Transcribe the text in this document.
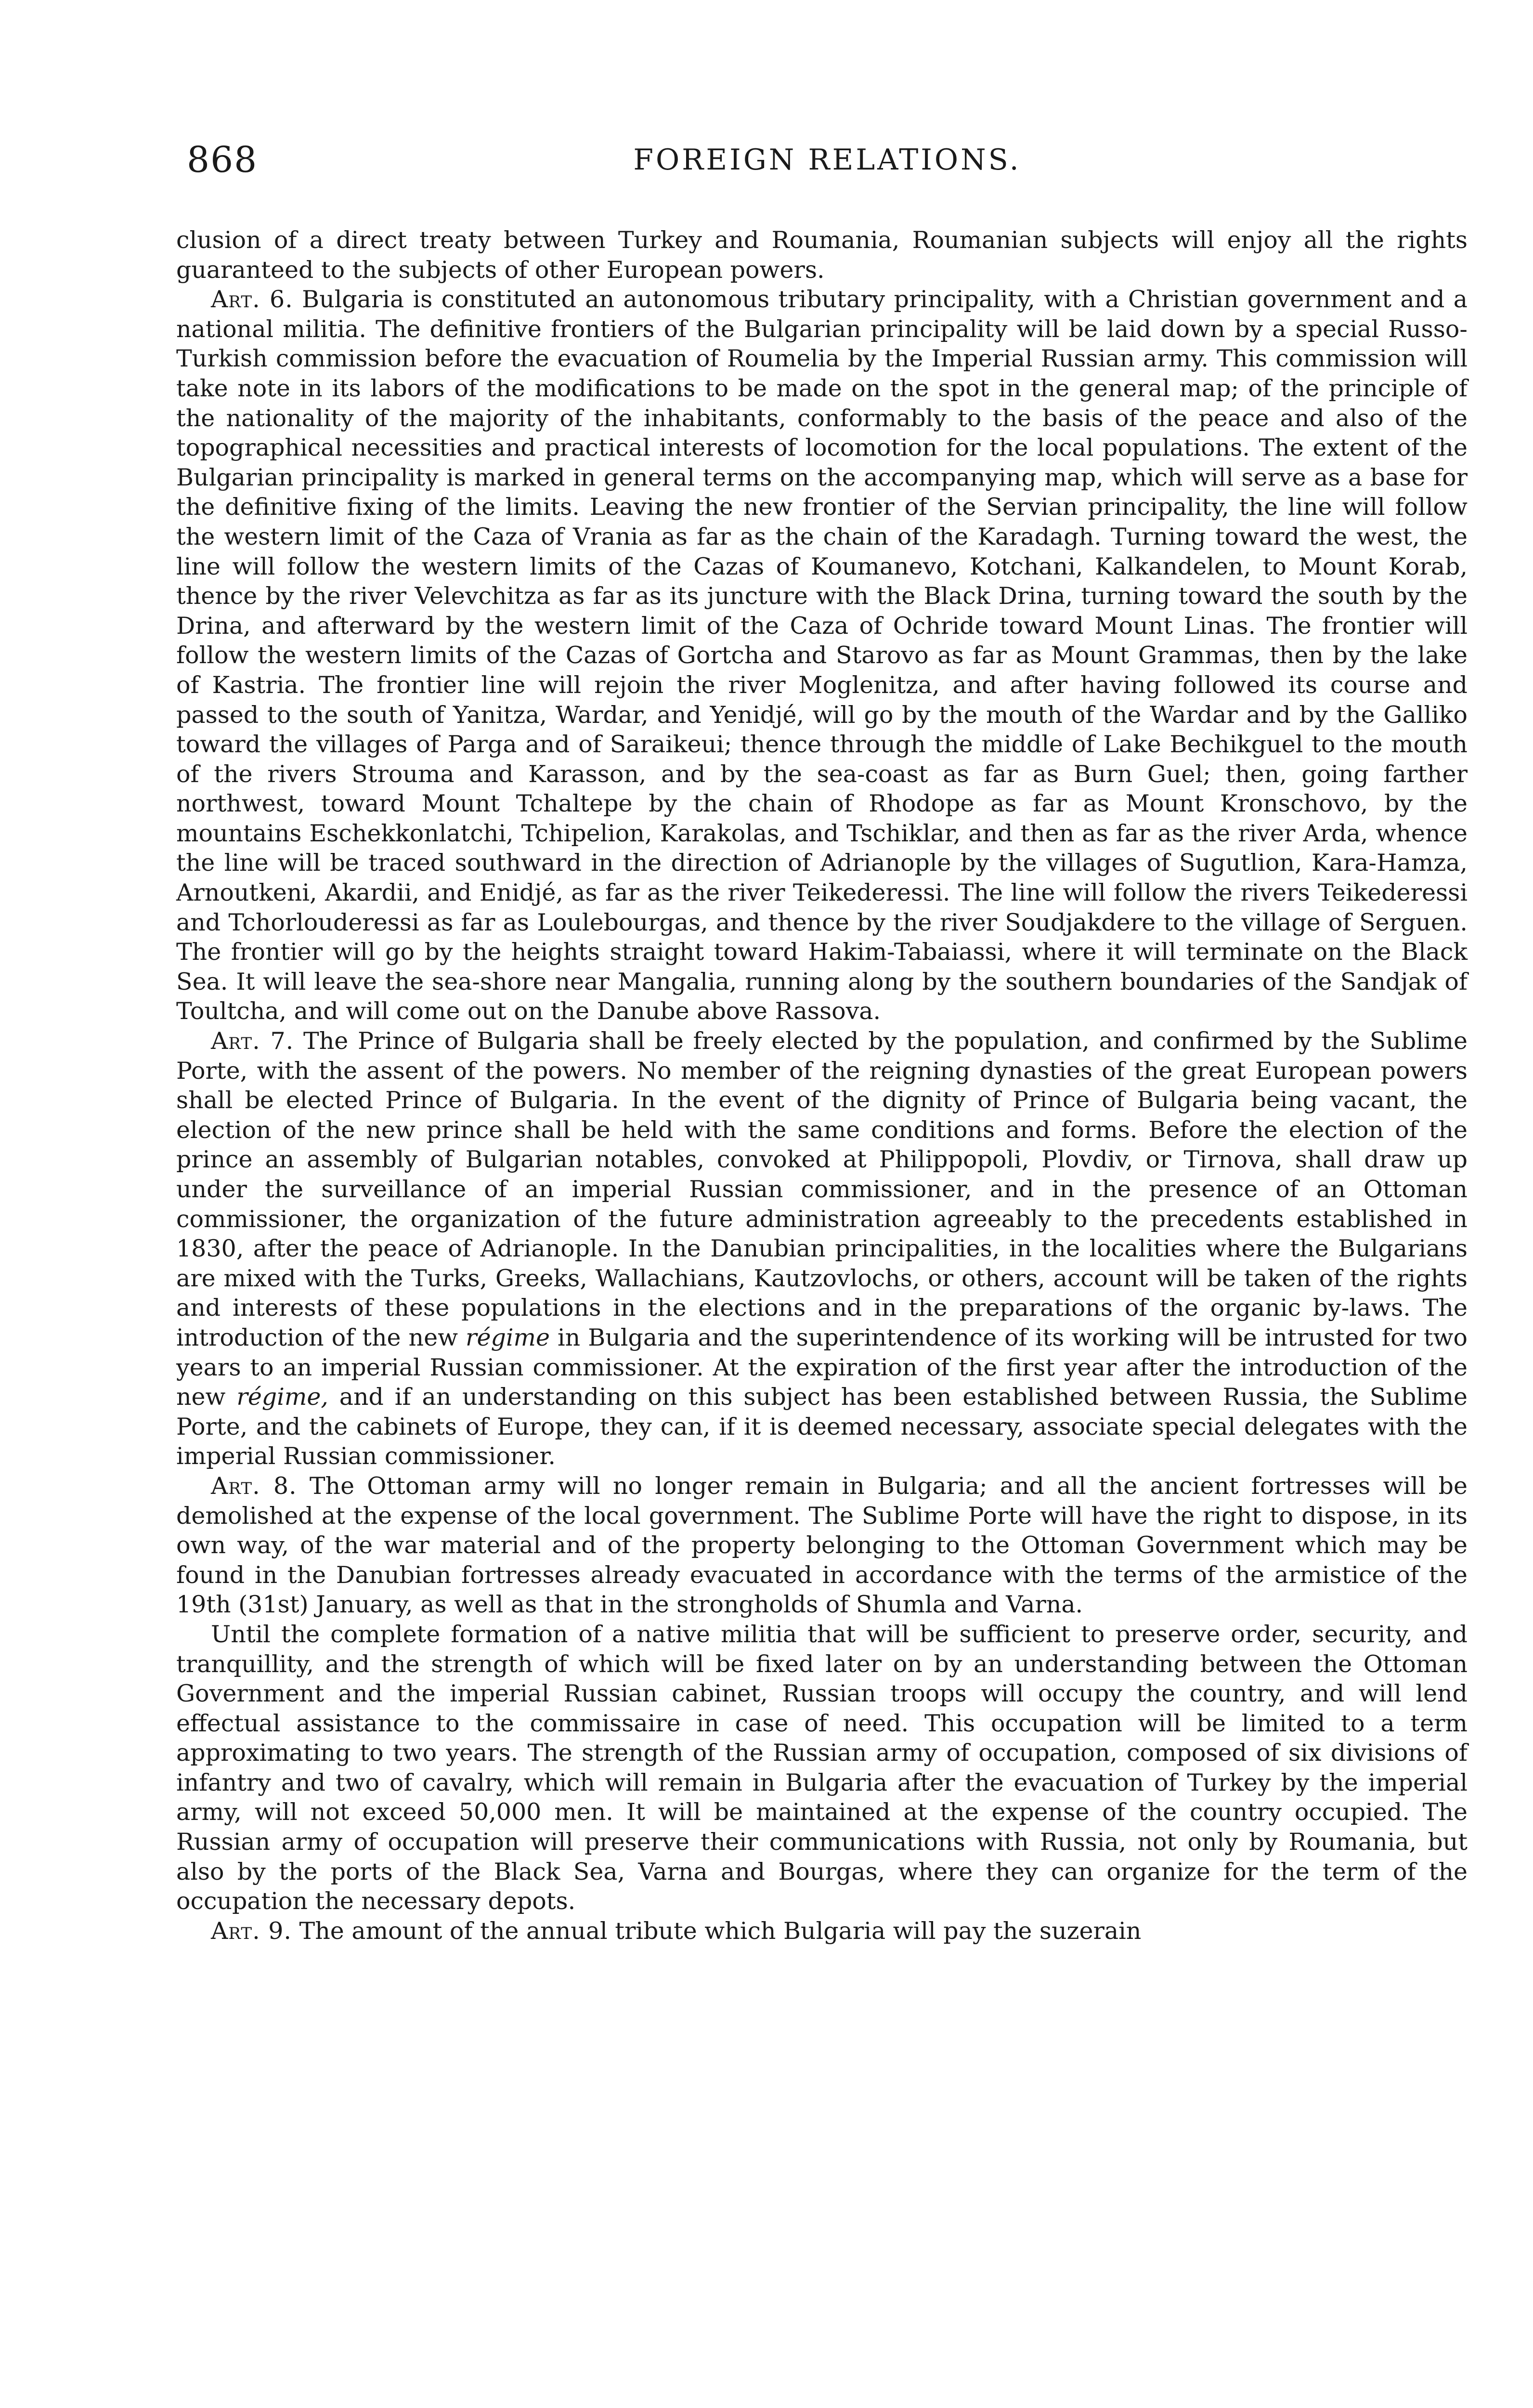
868	FOREIGN RELATIONS.

clusion of a direct treaty between Turkey and Roumania, Roumanian subjects will enjoy all the rights guaranteed to the subjects of other European powers.

Art. 6. Bulgaria is constituted an autonomous tributary principality, with a Christian government and a national militia. The definitive frontiers of the Bulgarian principality will be laid down by a special Russo-Turkish commission before the evacuation of Roumelia by the Imperial Russian army. This commission will take note in its labors of the modifications to be made on the spot in the general map; of the principle of the nationality of the majority of the inhabitants, conformably to the basis of the peace and also of the topographical necessities and practical interests of locomotion for the local populations. The extent of the Bulgarian principality is marked in general terms on the accompanying map, which will serve as a base for the definitive fixing of the limits. Leaving the new frontier of the Servian principality, the line will follow the western limit of the Caza of Vrania as far as the chain of the Karadagh. Turning toward the west, the line will follow the western limits of the Cazas of Koumanevo, Kotchani, Kalkandelen, to Mount Korab, thence by the river Velevchitza as far as its juncture with the Black Drina, turning toward the south by the Drina, and afterward by the western limit of the Caza of Ochride toward Mount Linas. The frontier will follow the western limits of the Cazas of Gortcha and Starovo as far as Mount Grammas, then by the lake of Kastria. The frontier line will rejoin the river Moglenitza, and after having followed its course and passed to the south of Yanitza, Wardar, and Yenidjé, will go by the mouth of the Wardar and by the Galliko toward the villages of Parga and of Saraikeui; thence through the middle of Lake Bechikguel to the mouth of the rivers Strouma and Karasson, and by the sea-coast as far as Burn Guel; then, going farther northwest, toward Mount Tchaltepe by the chain of Rhodope as far as Mount Kronschovo, by the mountains Eschekkonlatchi, Tchipelion, Karakolas, and Tschiklar, and then as far as the river Arda, whence the line will be traced southward in the direction of Adrianople by the villages of Sugutlion, Kara-Hamza, Arnoutkeni, Akardii, and Enidjé, as far as the river Teikederessi. The line will follow the rivers Teikederessi and Tchorlouderessi as far as Loulebourgas, and thence by the river Soudjakdere to the village of Serguen. The frontier will go by the heights straight toward Hakim-Tabaiassi, where it will terminate on the Black Sea. It will leave the sea-shore near Mangalia, running along by the southern boundaries of the Sandjak of Toultcha, and will come out on the Danube above Rassova.

Art. 7. The Prince of Bulgaria shall be freely elected by the population, and confirmed by the Sublime Porte, with the assent of the powers. No member of the reigning dynasties of the great European powers shall be elected Prince of Bulgaria. In the event of the dignity of Prince of Bulgaria being vacant, the election of the new prince shall be held with the same conditions and forms. Before the election of the prince an assembly of Bulgarian notables, convoked at Philippopoli, Plovdiv, or Tirnova, shall draw up under the surveillance of an imperial Russian commissioner, and in the presence of an Ottoman commissioner, the organization of the future administration agreeably to the precedents established in 1830, after the peace of Adrianople. In the Danubian principalities, in the localities where the Bulgarians are mixed with the Turks, Greeks, Wallachians, Kautzovlochs, or others, account will be taken of the rights and interests of these populations in the elections and in the preparations of the organic by-laws. The introduction of the new régime in Bulgaria and the superintendence of its working will be intrusted for two years to an imperial Russian commissioner. At the expiration of the first year after the introduction of the new régime, and if an understanding on this subject has been established between Russia, the Sublime Porte, and the cabinets of Europe, they can, if it is deemed necessary, associate special delegates with the imperial Russian commissioner.

Art. 8. The Ottoman army will no longer remain in Bulgaria; and all the ancient fortresses will be demolished at the expense of the local government. The Sublime Porte will have the right to dispose, in its own way, of the war material and of the property belonging to the Ottoman Government which may be found in the Danubian fortresses already evacuated in accordance with the terms of the armistice of the 19th (31st) January, as well as that in the strongholds of Shumla and Varna.

Until the complete formation of a native militia that will be sufficient to preserve order, security, and tranquillity, and the strength of which will be fixed later on by an understanding between the Ottoman Government and the imperial Russian cabinet, Russian troops will occupy the country, and will lend effectual assistance to the commissaire in case of need. This occupation will be limited to a term approximating to two years. The strength of the Russian army of occupation, composed of six divisions of infantry and two of cavalry, which will remain in Bulgaria after the evacuation of Turkey by the imperial army, will not exceed 50,000 men. It will be maintained at the expense of the country occupied. The Russian army of occupation will preserve their communications with Russia, not only by Roumania, but also by the ports of the Black Sea, Varna and Bourgas, where they can organize for the term of the occupation the necessary depots.

Art. 9. The amount of the annual tribute which Bulgaria will pay the suzerain
